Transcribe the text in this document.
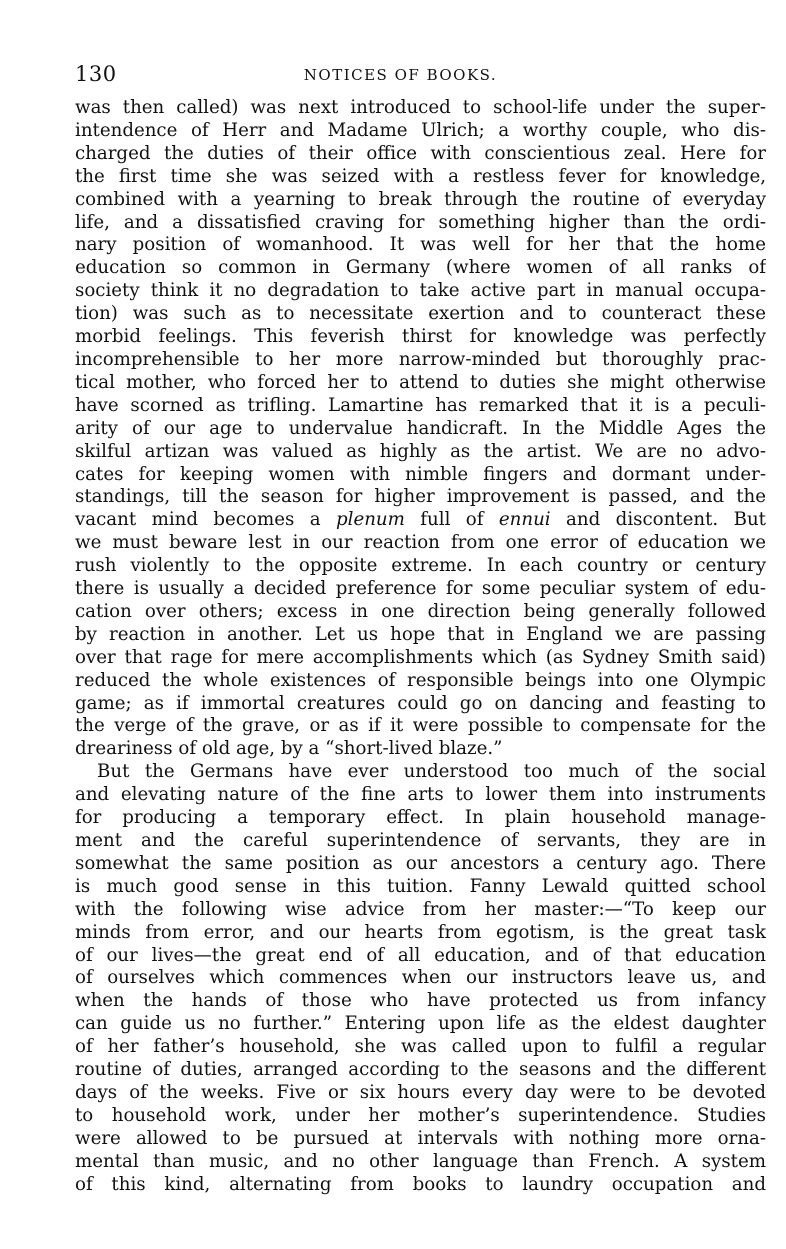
130	NOTICES OF BOOKS.

was then called) was next introduced to school-life under the super-
intendence of Herr and Madame Ulrich; a worthy couple, who dis-
charged the duties of their office with conscientious zeal. Here for
the first time she was seized with a restless fever for knowledge,
combined with a yearning to break through the routine of everyday
life, and a dissatisfied craving for something higher than the ordi-
nary position of womanhood. It was well for her that the home
education so common in Germany (where women of all ranks of
society think it no degradation to take active part in manual occupa-
tion) was such as to necessitate exertion and to counteract these
morbid feelings. This feverish thirst for knowledge was perfectly
incomprehensible to her more narrow-minded but thoroughly prac-
tical mother, who forced her to attend to duties she might otherwise
have scorned as trifling. Lamartine has remarked that it is a peculi-
arity of our age to undervalue handicraft. In the Middle Ages the
skilful artizan was valued as highly as the artist. We are no advo-
cates for keeping women with nimble fingers and dormant under-
standings, till the season for higher improvement is passed, and the
vacant mind becomes a plenum full of ennui and discontent. But
we must beware lest in our reaction from one error of education we
rush violently to the opposite extreme. In each country or century
there is usually a decided preference for some peculiar system of edu-
cation over others; excess in one direction being generally followed
by reaction in another. Let us hope that in England we are passing
over that rage for mere accomplishments which (as Sydney Smith said)
reduced the whole existences of responsible beings into one Olympic
game; as if immortal creatures could go on dancing and feasting to
the verge of the grave, or as if it were possible to compensate for the
dreariness of old age, by a “short-lived blaze.”

But the Germans have ever understood too much of the social
and elevating nature of the fine arts to lower them into instruments
for producing a temporary effect. In plain household manage-
ment and the careful superintendence of servants, they are in
somewhat the same position as our ancestors a century ago. There
is much good sense in this tuition. Fanny Lewald quitted school
with the following wise advice from her master:—“To keep our
minds from error, and our hearts from egotism, is the great task
of our lives—the great end of all education, and of that education
of ourselves which commences when our instructors leave us, and
when the hands of those who have protected us from infancy
can guide us no further.” Entering upon life as the eldest daughter
of her father’s household, she was called upon to fulfil a regular
routine of duties, arranged according to the seasons and the different
days of the weeks. Five or six hours every day were to be devoted
to household work, under her mother’s superintendence. Studies
were allowed to be pursued at intervals with nothing more orna-
mental than music, and no other language than French. A system
of this kind, alternating from books to laundry occupation and
